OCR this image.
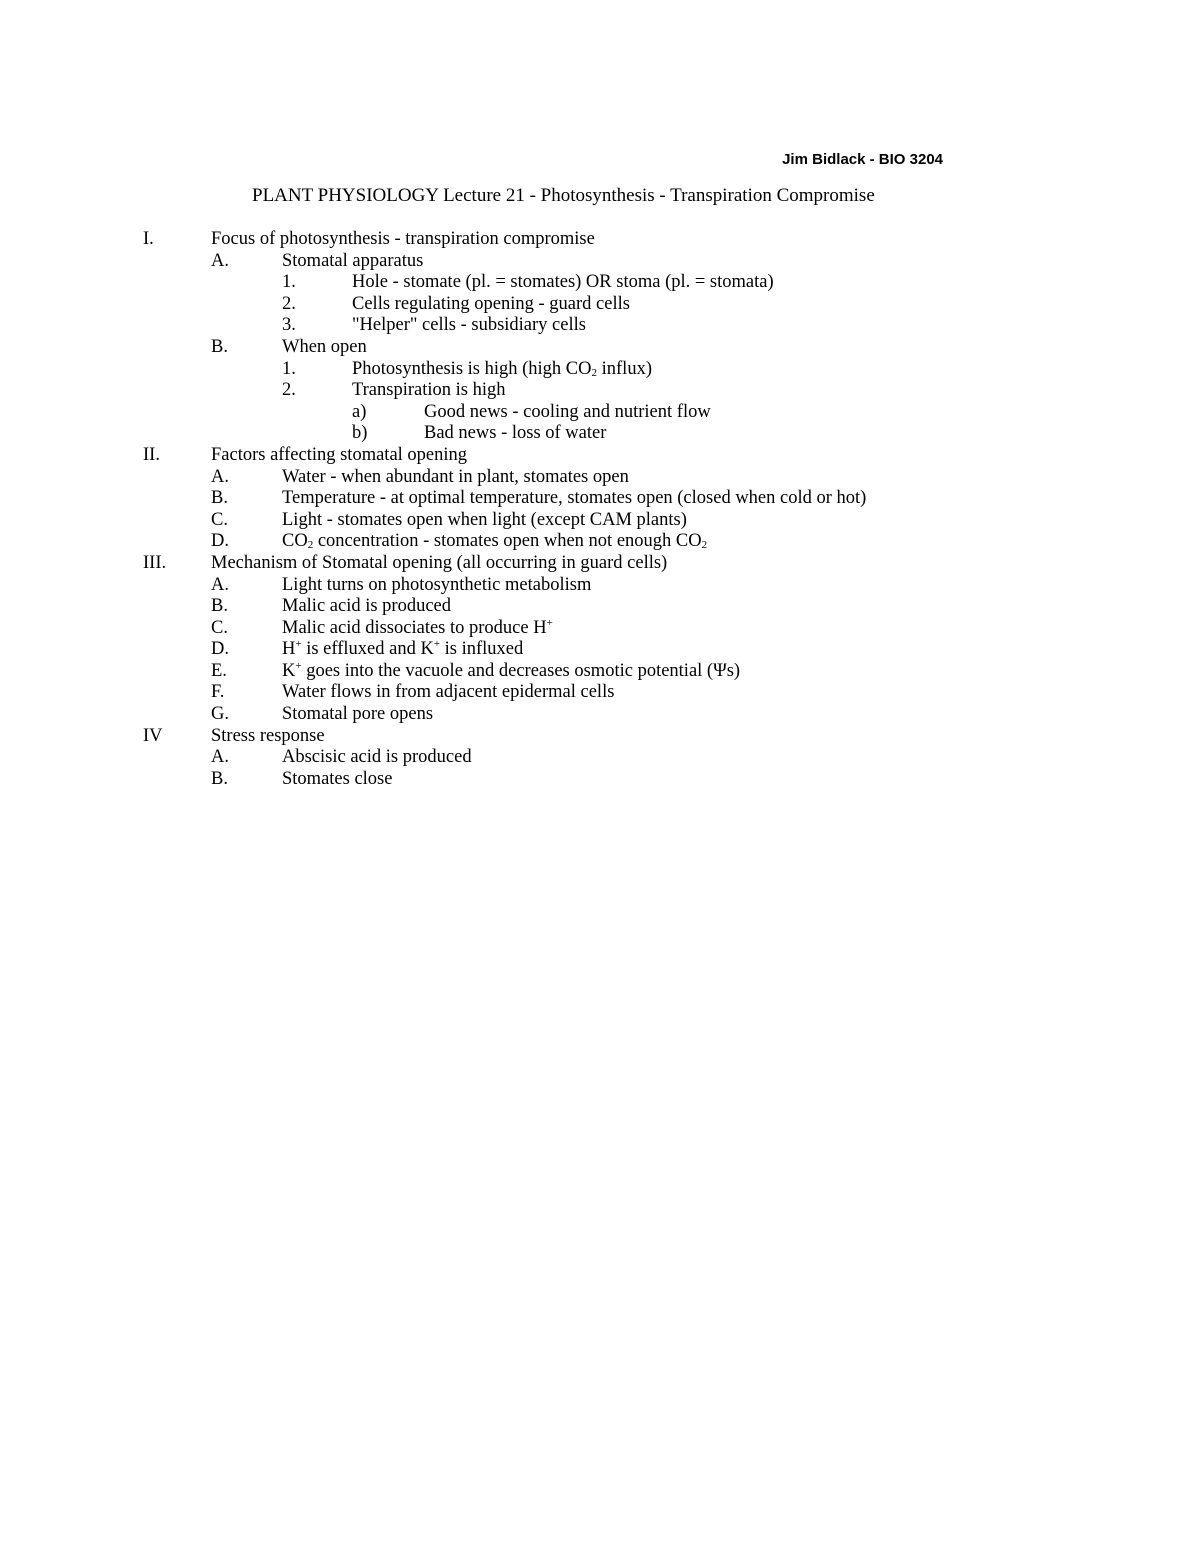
Jim Bidlack - BIO 3204
PLANT PHYSIOLOGY Lecture 21 - Photosynthesis - Transpiration Compromise
I.	Focus of photosynthesis - transpiration compromise
A.	Stomatal apparatus
1.	Hole - stomate (pl. = stomates) OR stoma (pl. = stomata)
2.	Cells regulating opening - guard cells
3.	"Helper" cells - subsidiary cells
B.	When open
1.	Photosynthesis is high (high $CO_2$ influx)
2.	Transpiration is high
a)	Good news - cooling and nutrient flow
b)	Bad news - loss of water
II.	Factors affecting stomatal opening
A.	Water - when abundant in plant, stomates open
B.	Temperature - at optimal temperature, stomates open (closed when cold or hot)
C.	Light - stomates open when light (except CAM plants)
D.	$CO_2$ concentration - stomates open when not enough $CO_2$
III. Mechanism of Stomatal opening (all occurring in guard cells)
A.	Light turns on photosynthetic metabolism
B.	Malic acid is produced
C.	Malic acid dissociates to produce H+
D.	H+ is effluxed and K+ is influxed
E.	K+ goes into the vacuole and decreases osmotic potential (Ψs)
F.	Water flows in from adjacent epidermal cells
G.	Stomatal pore opens
IV	Stress response
A.	Abscisic acid is produced
B.	Stomates close
